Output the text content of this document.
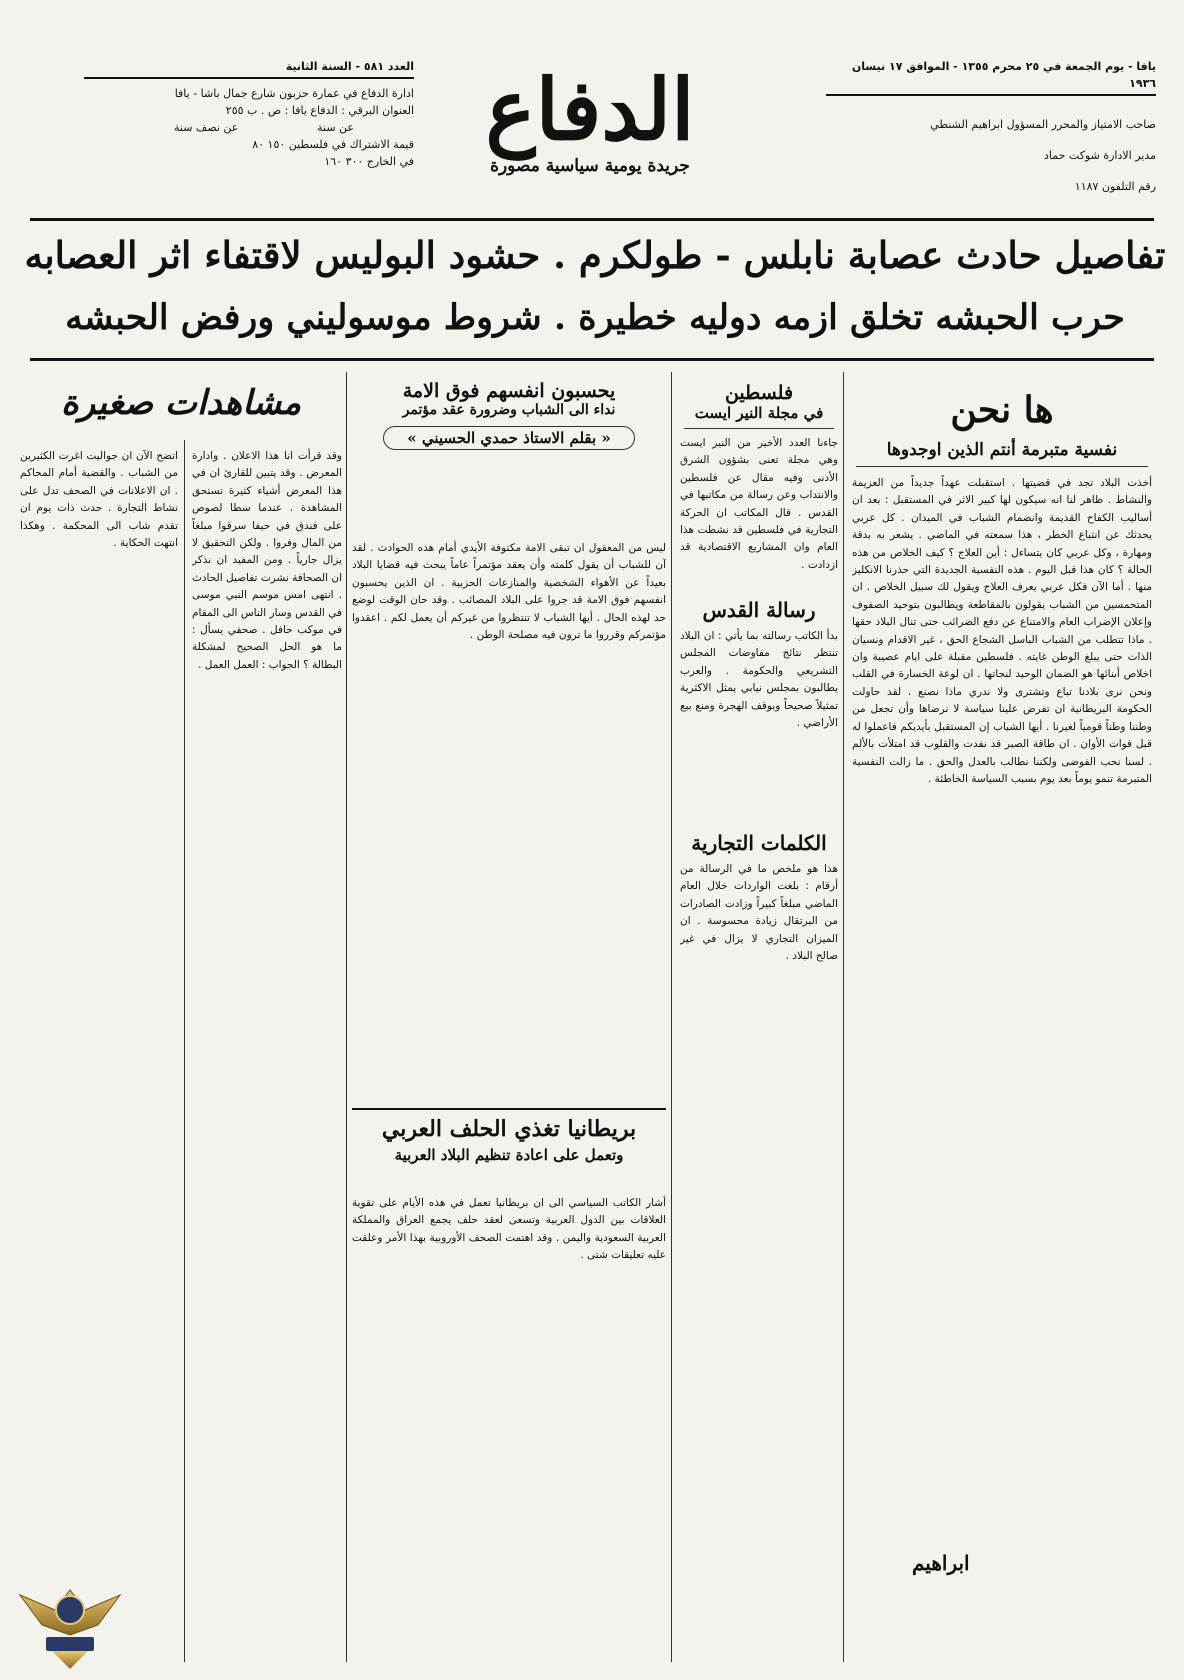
يافا - يوم الجمعة في ٢٥ محرم ١٣٥٥ - الموافق ١٧ نيسان ١٩٣٦
صاحب الامتياز والمحرر المسؤول ابراهيم الشنطي
مدير الادارة شوكت حماد
رقم التلفون ١١٨٧
الدفاع
جريدة يومية سياسية مصورة
العدد ٥٨١ - السنة الثانية
ادارة الدفاع في عمارة حزبون شارع جمال باشا - يافا
العنوان البرقي : الدفاع يافا : ص . ب ٢٥٥
عن سنة
عن نصف سنة
قيمة الاشتراك في فلسطين ١٥٠ ٨٠
في الخارج ٣٠٠ ١٦٠
تفاصيل حادث عصابة نابلس - طولكرم . حشود البوليس لاقتفاء اثر العصابه
حرب الحبشه تخلق ازمه دوليه خطيرة . شروط موسوليني ورفض الحبشه
ها نحن
نفسية متبرمة أنتم الذين اوجدوها
أخذت البلاد تجد في قضيتها . استقبلت عهداً جديداً من العزيمة والنشاط . ظاهر لنا انه سيكون لها كبير الاثر في المستقبل : بعد ان أساليب الكفاح القديمة وانضمام الشباب في الميدان . كل عربي يحدثك عن انتباع الخطر ، هذا سمعته في الماضي . يشعر به بدقة ومهارة ، وكل عربي كان يتساءل : أين العلاج ؟ كيف الخلاص من هذه الحالة ؟ كان هذا قبل اليوم . هذه النفسية الجديدة التي حذرنا الانكليز منها . أما الآن فكل عربي يعرف العلاج ويقول لك سبيل الخلاص . ان المتحمسين من الشباب يقولون بالمقاطعة ويطالبون بتوحيد الصفوف وإعلان الإضراب العام والامتناع عن دفع الضرائب حتى تنال البلاد حقها . ماذا تتطلب من الشباب الباسل الشجاع الحق ، غير الاقدام ونسيان الذات حتى يبلغ الوطن غايته . فلسطين مقبلة على ايام عصيبة وان اخلاص أبنائها هو الضمان الوحيد لنجاتها . ان لوعة الخسارة في القلب ونحن نرى بلادنا تباع وتشترى ولا ندري ماذا نصنع . لقد حاولت الحكومة البريطانية ان تفرض علينا سياسة لا نرضاها وأن تجعل من وطننا وطناً قومياً لغيرنا . أيها الشباب إن المستقبل بأيديكم فاعملوا له قبل فوات الأوان . ان طاقة الصبر قد نفدت والقلوب قد امتلأت بالألم . لسنا نحب الفوضى ولكننا نطالب بالعدل والحق . ما زالت النفسية المتبرمة تنمو يوماً بعد يوم بسبب السياسة الخاطئة .
ابراهيم
فلسطين
في مجلة النير ايست
جاءنا العدد الأخير من النير ايست وهي مجلة تعنى بشؤون الشرق الأدنى وفيه مقال عن فلسطين والانتداب وعن رسالة من مكاتبها في القدس . قال المكاتب ان الحركة التجارية في فلسطين قد نشطت هذا العام وان المشاريع الاقتصادية قد ازدادت .
رسالة القدس
بدأ الكاتب رسالته بما يأتي : ان البلاد تنتظر نتائج مفاوضات المجلس التشريعي والحكومة . والعرب يطالبون بمجلس نيابي يمثل الاكثرية تمثيلاً صحيحاً وبوقف الهجرة ومنع بيع الأراضي .
الكلمات التجارية
هذا هو ملخص ما في الرسالة من أرقام : بلغت الواردات خلال العام الماضي مبلغاً كبيراً وزادت الصادرات من البرتقال زيادة محسوسة . ان الميزان التجاري لا يزال في غير صالح البلاد .
يحسبون انفسهم فوق الامة
نداء الى الشباب وضرورة عقد مؤتمر
« بقلم الاستاذ حمدي الحسيني »
ليس من المعقول ان تبقى الامة مكتوفة الأيدي أمام هذه الحوادث . لقد آن للشباب أن يقول كلمته وأن يعقد مؤتمراً عاماً يبحث فيه قضايا البلاد بعيداً عن الأهواء الشخصية والمنازعات الحزبية . ان الذين يحسبون انفسهم فوق الامة قد جروا على البلاد المصائب . وقد حان الوقت لوضع حد لهذه الحال . أيها الشباب لا تنتظروا من غيركم أن يعمل لكم . اعقدوا مؤتمركم وقرروا ما ترون فيه مصلحة الوطن .
بريطانيا تغذي الحلف العربي
وتعمل على اعادة تنظيم البلاد العربية
أشار الكاتب السياسي الى ان بريطانيا تعمل في هذه الأيام على تقوية العلاقات بين الدول العربية وتسعى لعقد حلف يجمع العراق والمملكة العربية السعودية واليمن . وقد اهتمت الصحف الأوروبية بهذا الأمر وعلقت عليه تعليقات شتى .
مشاهدات صغيرة
وقد قرأت انا هذا الاعلان . وادارة المعرض . وقد يتبين للقارئ ان في هذا المعرض أشياء كثيرة تستحق المشاهدة . عندما سطا لصوص على فندق في حيفا سرقوا مبلغاً من المال وفروا . ولكن التحقيق لا يزال جارياً . ومن المفيد ان نذكر ان الصحافة نشرت تفاصيل الحادث . انتهى امس موسم النبي موسى في القدس وسار الناس الى المقام في موكب حافل . صحفي يسأل : ما هو الحل الصحيح لمشكلة البطالة ؟ الجواب : العمل العمل .
اتضح الآن ان جواليت اغرت الكثيرين من الشباب . والقضية أمام المحاكم . ان الاعلانات في الصحف تدل على نشاط التجارة . حدث ذات يوم ان تقدم شاب الى المحكمة . وهكذا انتهت الحكاية .
